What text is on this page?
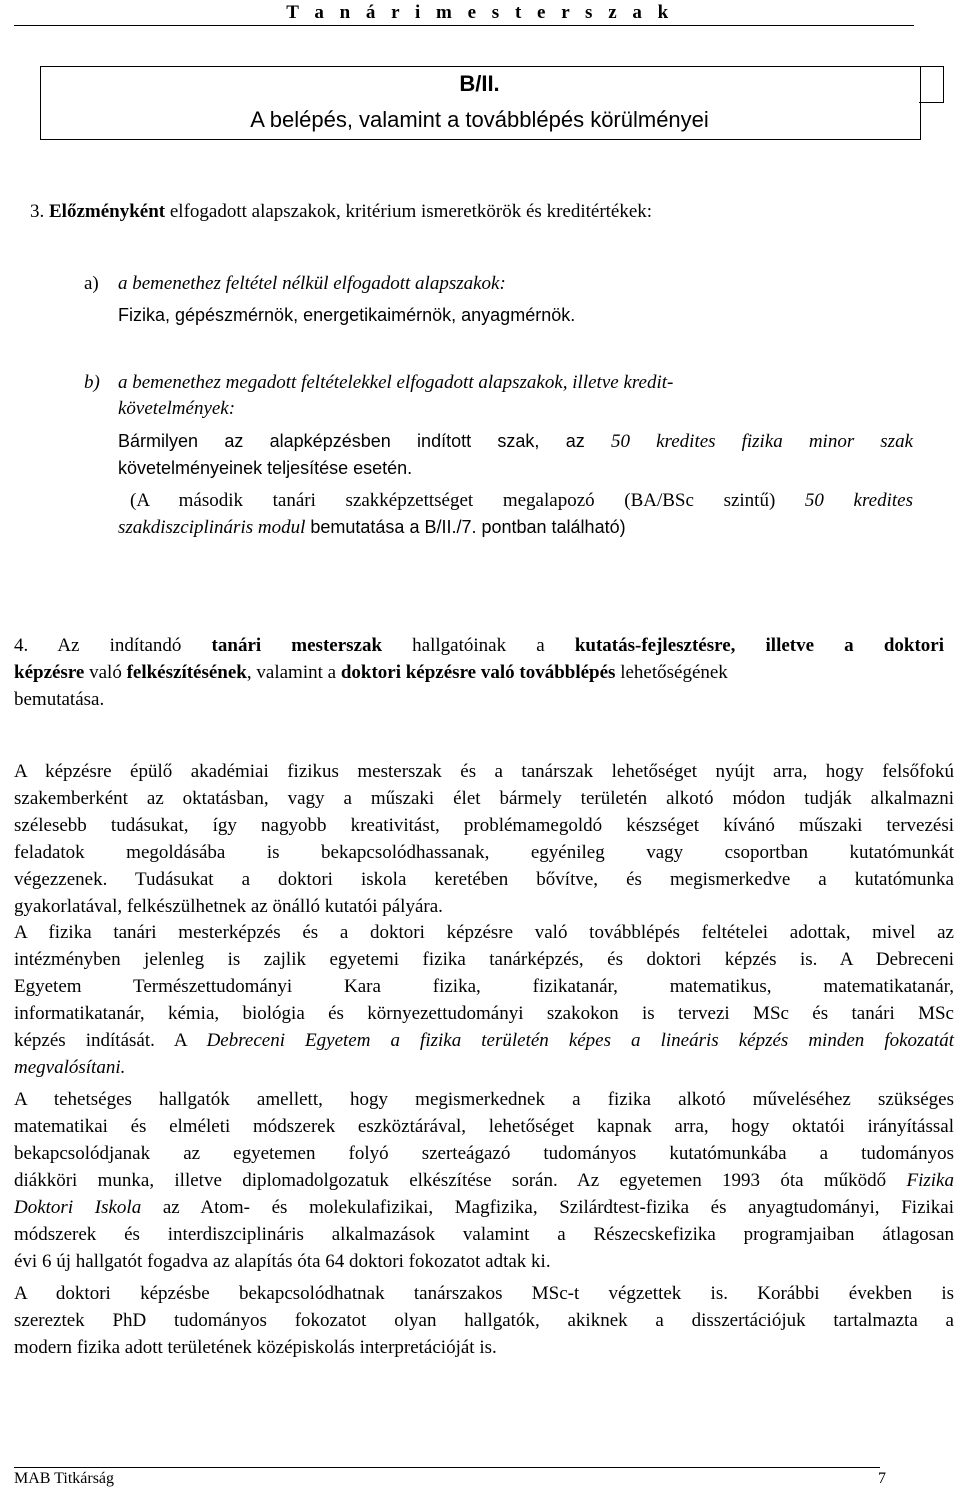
T a n á r i m e s t e r s z a k
B/II.
A belépés, valamint a továbblépés körülményei
3. Előzményként elfogadott alapszakok, kritérium ismeretkörök és kreditértékek:
a) a bemenethez feltétel nélkül elfogadott alapszakok:
Fizika, gépészmérnök, energetikaimérnök, anyagmérnök.
b) a bemenethez megadott feltételekkel elfogadott alapszakok, illetve kredit-
követelmények:
Bármilyen az alapképzésben indított szak, az 50 kredites fizika minor szak
követelményeinek teljesítése esetén.
(A második tanári szakképzettséget megalapozó (BA/BSc szintű) 50 kredites
szakdiszciplináris modul bemutatása a B/II./7. pontban található)
4. Az indítandó tanári mesterszak hallgatóinak a kutatás-fejlesztésre, illetve a doktori
képzésre való felkészítésének, valamint a doktori képzésre való továbblépés lehetőségének
bemutatása.
A képzésre épülő akadémiai fizikus mesterszak és a tanárszak lehetőséget nyújt arra, hogy felsőfokú
szakemberként az oktatásban, vagy a műszaki élet bármely területén alkotó módon tudják alkalmazni
szélesebb tudásukat, így nagyobb kreativitást, problémamegoldó készséget kívánó műszaki tervezési
feladatok megoldásába is bekapcsolódhassanak, egyénileg vagy csoportban kutatómunkát
végezzenek. Tudásukat a doktori iskola keretében bővítve, és megismerkedve a kutatómunka
gyakorlatával, felkészülhetnek az önálló kutatói pályára.
A fizika tanári mesterképzés és a doktori képzésre való továbblépés feltételei adottak, mivel az
intézményben jelenleg is zajlik egyetemi fizika tanárképzés, és doktori képzés is. A Debreceni
Egyetem Természettudományi Kara fizika, fizikatanár, matematikus, matematikatanár,
informatikatanár, kémia, biológia és környezettudományi szakokon is tervezi MSc és tanári MSc
képzés indítását. A Debreceni Egyetem a fizika területén képes a lineáris képzés minden fokozatát
megvalósítani.
A tehetséges hallgatók amellett, hogy megismerkednek a fizika alkotó műveléséhez szükséges
matematikai és elméleti módszerek eszköztárával, lehetőséget kapnak arra, hogy oktatói irányítással
bekapcsolódjanak az egyetemen folyó szerteágazó tudományos kutatómunkába a tudományos
diákköri munka, illetve diplomadolgozatuk elkészítése során. Az egyetemen 1993 óta működő Fizika
Doktori Iskola az Atom- és molekulafizikai, Magfizika, Szilárdtest-fizika és anyagtudományi, Fizikai
módszerek és interdiszciplináris alkalmazások valamint a Részecskefizika programjaiban átlagosan
évi 6 új hallgatót fogadva az alapítás óta 64 doktori fokozatot adtak ki.
A doktori képzésbe bekapcsolódhatnak tanárszakos MSc-t végzettek is. Korábbi években is
szereztek PhD tudományos fokozatot olyan hallgatók, akiknek a disszertációjuk tartalmazta a
modern fizika adott területének középiskolás interpretációját is.
MAB Titkárság	7
